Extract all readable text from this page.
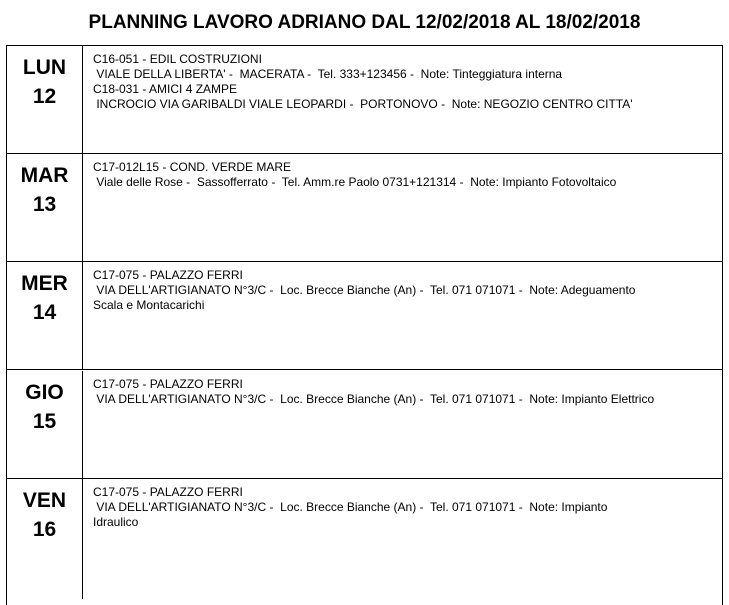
PLANNING LAVORO ADRIANO DAL 12/02/2018 AL 18/02/2018
LUN
12
C16-051 - EDIL COSTRUZIONI
VIALE DELLA LIBERTA' -  MACERATA -  Tel. 333+123456 -  Note: Tinteggiatura interna
C18-031 - AMICI 4 ZAMPE
INCROCIO VIA GARIBALDI VIALE LEOPARDI -  PORTONOVO -  Note: NEGOZIO CENTRO CITTA'
MAR
13
C17-012L15 - COND. VERDE MARE
Viale delle Rose -  Sassofferrato -  Tel. Amm.re Paolo 0731+121314 -  Note: Impianto Fotovoltaico
MER
14
C17-075 - PALAZZO FERRI
VIA DELL'ARTIGIANATO N°3/C -  Loc. Brecce Bianche (An) -  Tel. 071 071071 -  Note: Adeguamento
Scala e Montacarichi
GIO
15
C17-075 - PALAZZO FERRI
VIA DELL'ARTIGIANATO N°3/C -  Loc. Brecce Bianche (An) -  Tel. 071 071071 -  Note: Impianto Elettrico
VEN
16
C17-075 - PALAZZO FERRI
VIA DELL'ARTIGIANATO N°3/C -  Loc. Brecce Bianche (An) -  Tel. 071 071071 -  Note: Impianto
Idraulico
